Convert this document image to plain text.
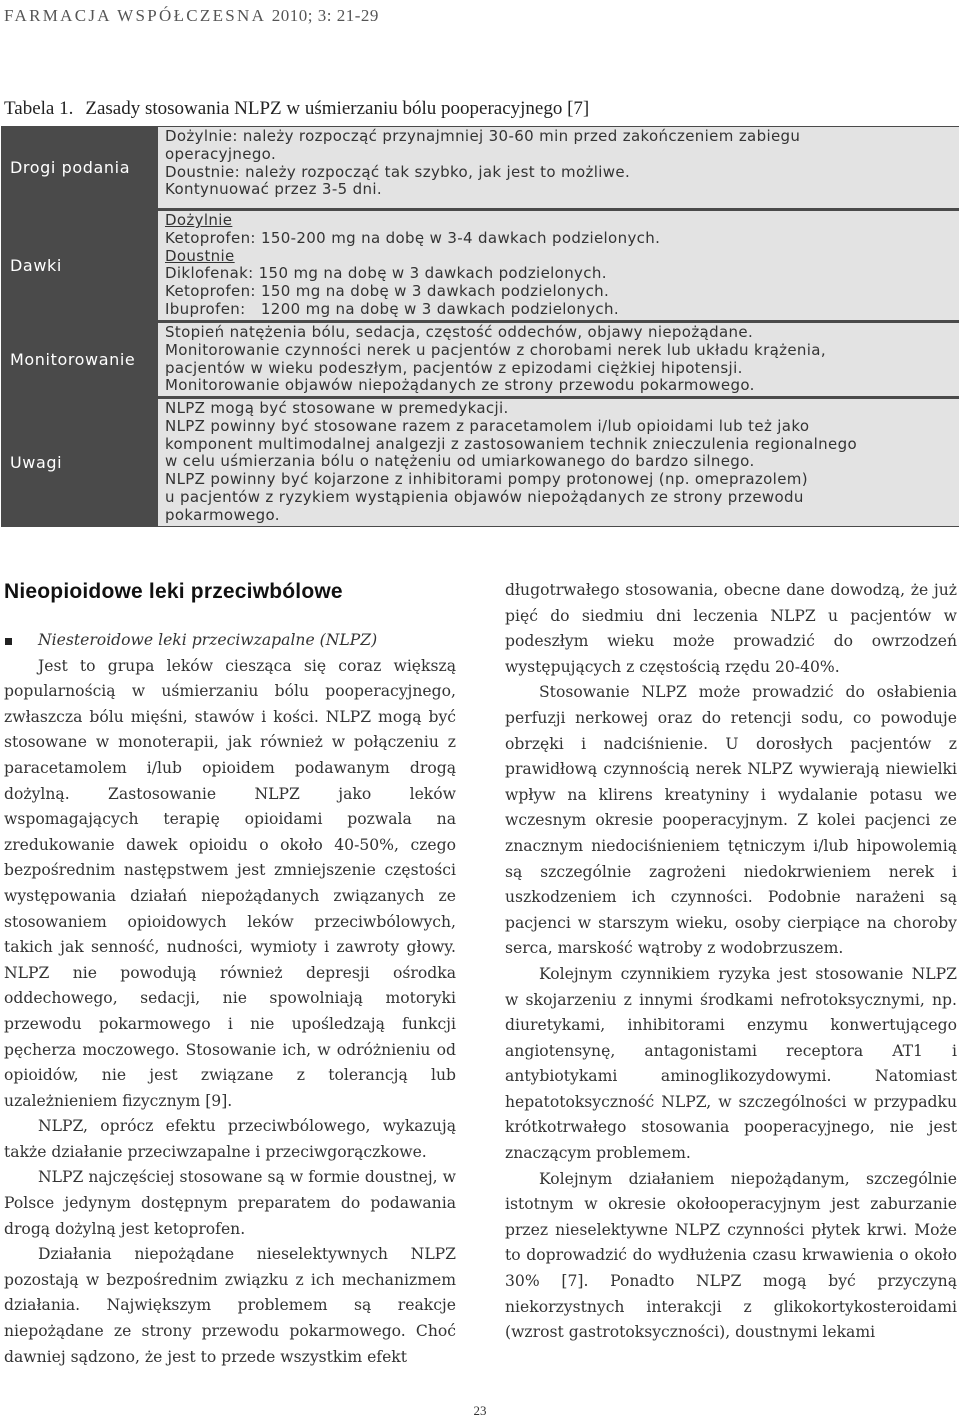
FARMACJA WSPÓŁCZESNA 2010; 3: 21-29
Tabela 1. Zasady stosowania NLPZ w uśmierzaniu bólu pooperacyjnego [7]
Drogi podania
Dożylnie: należy rozpocząć przynajmniej 30-60 min przed zakończeniem zabiegu
operacyjnego.
Doustnie: należy rozpocząć tak szybko, jak jest to możliwe.
Kontynuować przez 3-5 dni.
Dawki
Dożylnie
Ketoprofen: 150-200 mg na dobę w 3-4 dawkach podzielonych.
Doustnie
Diklofenak: 150 mg na dobę w 3 dawkach podzielonych.
Ketoprofen: 150 mg na dobę w 3 dawkach podzielonych.
Ibuprofen:   1200 mg na dobę w 3 dawkach podzielonych.
Monitorowanie
Stopień natężenia bólu, sedacja, częstość oddechów, objawy niepożądane.
Monitorowanie czynności nerek u pacjentów z chorobami nerek lub układu krążenia,
pacjentów w wieku podeszłym, pacjentów z epizodami ciężkiej hipotensji.
Monitorowanie objawów niepożądanych ze strony przewodu pokarmowego.
Uwagi
NLPZ mogą być stosowane w premedykacji.
NLPZ powinny być stosowane razem z paracetamolem i/lub opioidami lub też jako
komponent multimodalnej analgezji z zastosowaniem technik znieczulenia regionalnego
w celu uśmierzania bólu o natężeniu od umiarkowanego do bardzo silnego.
NLPZ powinny być kojarzone z inhibitorami pompy protonowej (np. omeprazolem)
u pacjentów z ryzykiem wystąpienia objawów niepożądanych ze strony przewodu
pokarmowego.
Nieopioidowe leki przeciwbólowe
Niesteroidowe leki przeciwzapalne (NLPZ)

Jest to grupa leków ciesząca się coraz większą popularnością w uśmierzaniu bólu pooperacyjnego, zwłaszcza bólu mięśni, stawów i kości. NLPZ mogą być stosowane w monoterapii, jak również w połączeniu z paracetamolem i/lub opioidem podawanym drogą dożylną. Zastosowanie NLPZ jako leków wspomagających terapię opioidami pozwala na zredukowanie dawek opioidu o około 40-50%, czego bezpośrednim następstwem jest zmniejszenie częstości występowania działań niepożądanych związanych ze stosowaniem opioidowych leków przeciwbólowych, takich jak senność, nudności, wymioty i zawroty głowy. NLPZ nie powodują również depresji ośrodka oddechowego, sedacji, nie spowolniają motoryki przewodu pokarmowego i nie upośledzają funkcji pęcherza moczowego. Stosowanie ich, w odróżnieniu od opioidów, nie jest związane z tolerancją lub uzależnieniem fizycznym [9].

NLPZ, oprócz efektu przeciwbólowego, wykazują także działanie przeciwzapalne i przeciwgorączkowe.

NLPZ najczęściej stosowane są w formie doustnej, w Polsce jedynym dostępnym preparatem do podawania drogą dożylną jest ketoprofen.

Działania niepożądane nieselektywnych NLPZ pozostają w bezpośrednim związku z ich mechanizmem działania. Największym problemem są reakcje niepożądane ze strony przewodu pokarmowego. Choć dawniej sądzono, że jest to przede wszystkim efekt

długotrwałego stosowania, obecne dane dowodzą, że już pięć do siedmiu dni leczenia NLPZ u pacjentów w podeszłym wieku może prowadzić do owrzodzeń występujących z częstością rzędu 20-40%.

Stosowanie NLPZ może prowadzić do osłabienia perfuzji nerkowej oraz do retencji sodu, co powoduje obrzęki i nadciśnienie. U dorosłych pacjentów z prawidłową czynnością nerek NLPZ wywierają niewielki wpływ na klirens kreatyniny i wydalanie potasu we wczesnym okresie pooperacyjnym. Z kolei pacjenci ze znacznym niedociśnieniem tętniczym i/lub hipowolemią są szczególnie zagrożeni niedokrwieniem nerek i uszkodzeniem ich czynności. Podobnie narażeni są pacjenci w starszym wieku, osoby cierpiące na choroby serca, marskość wątroby z wodobrzuszem.

Kolejnym czynnikiem ryzyka jest stosowanie NLPZ w skojarzeniu z innymi środkami nefrotoksycznymi, np. diuretykami, inhibitorami enzymu konwertującego angiotensynę, antagonistami receptora AT1 i antybiotykami aminoglikozydowymi. Natomiast hepatotoksyczność NLPZ, w szczególności w przypadku krótkotrwałego stosowania pooperacyjnego, nie jest znaczącym problemem.

Kolejnym działaniem niepożądanym, szczególnie istotnym w okresie okołooperacyjnym jest zaburzanie przez nieselektywne NLPZ czynności płytek krwi. Może to doprowadzić do wydłużenia czasu krwawienia o około 30% [7]. Ponadto NLPZ mogą być przyczyną niekorzystnych interakcji z glikokortykosteroidami (wzrost gastrotoksyczności), doustnymi lekami

23
